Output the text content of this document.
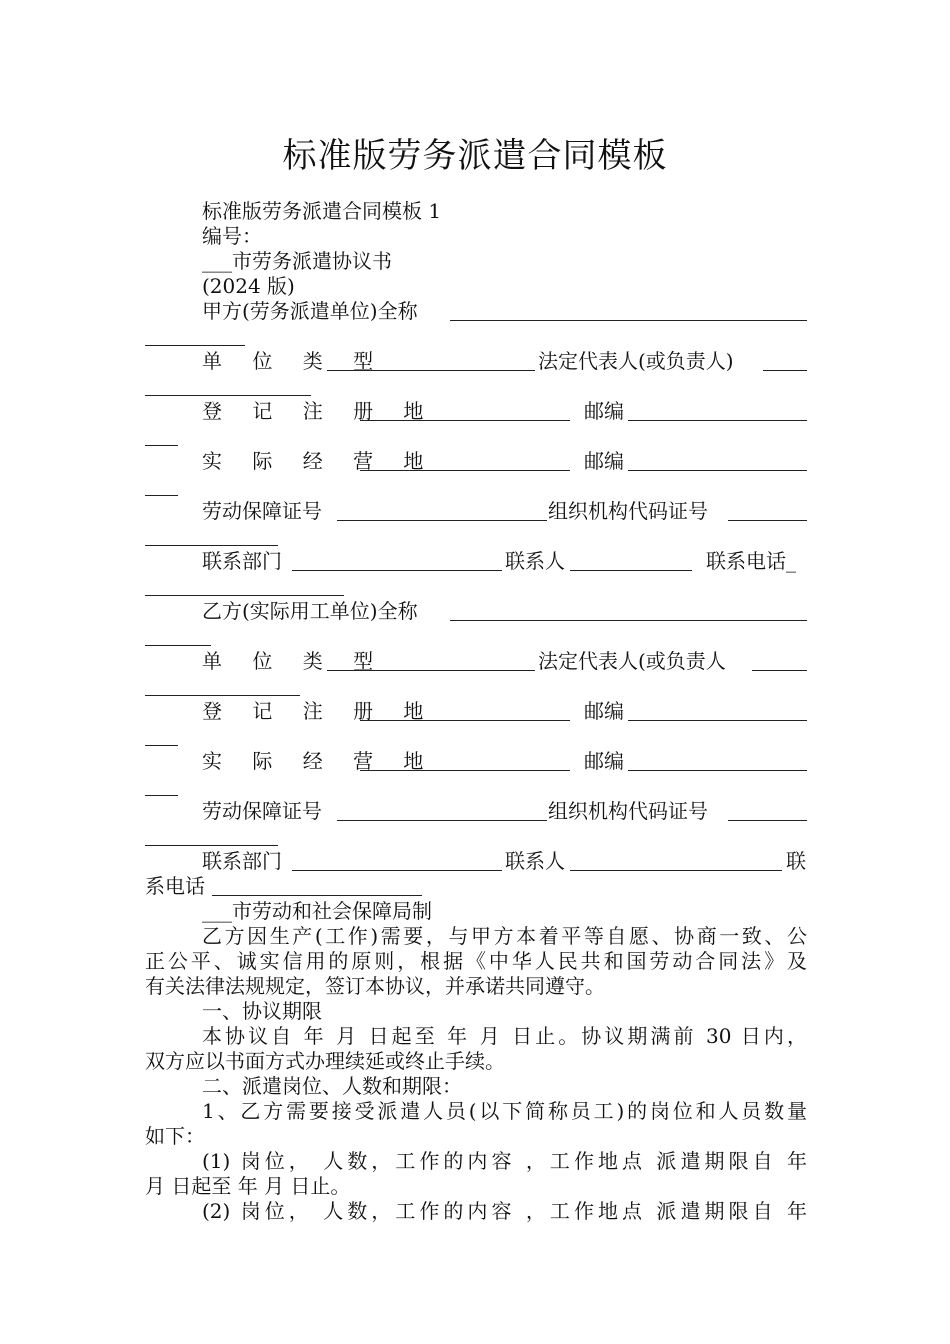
标准版劳务派遣合同模板
标准版劳务派遣合同模板 1
编号：
___市劳务派遣协议书
(2024 版)
甲方(劳务派遣单位)全称
单 位 类 型	法定代表人(或负责人)
登 记 注 册 地	邮编
实 际 经 营 地	邮编
劳动保障证号	组织机构代码证号
联系部门	联系人	联系电话_
乙方(实际用工单位)全称
单 位 类 型	法定代表人(或负责人
登 记 注 册 地	邮编
实 际 经 营 地	邮编
劳动保障证号	组织机构代码证号
联系部门	联系人	联
系电话
___市劳动和社会保障局制
乙方因生产(工作)需要，与甲方本着平等自愿、协商一致、公
正公平、诚实信用的原则，根据《中华人民共和国劳动合同法》及
有关法律法规规定，签订本协议，并承诺共同遵守。
一、协议期限
本协议自 年 月 日起至 年 月 日止。协议期满前 30 日内，
双方应以书面方式办理续延或终止手续。
二、派遣岗位、人数和期限：
1、乙方需要接受派遣人员(以下简称员工)的岗位和人员数量
如下：
(1) 岗位， 人数，工作的内容 ，工作地点 派遣期限自 年
月 日起至 年 月 日止。
(2) 岗位， 人数，工作的内容 ，工作地点 派遣期限自 年
